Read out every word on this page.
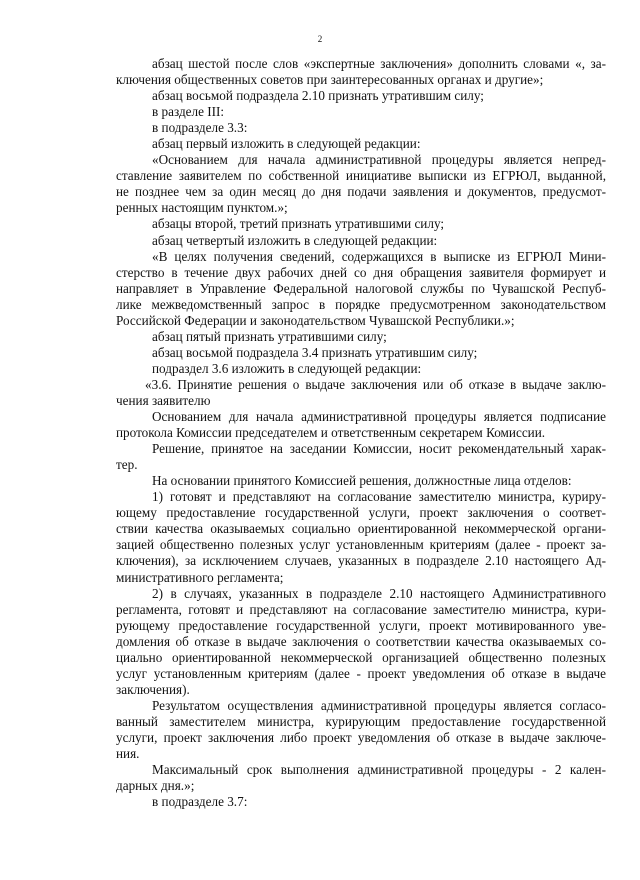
2
абзац шестой после слов «экспертные заключения» дополнить словами «, за-
ключения общественных советов при заинтересованных органах и другие»;
абзац восьмой подраздела 2.10 признать утратившим силу;
в разделе III:
в подразделе 3.3:
абзац первый изложить в следующей редакции:
«Основанием для начала административной процедуры является непред-
ставление заявителем по собственной инициативе выписки из ЕГРЮЛ, выданной,
не позднее чем за один месяц до дня подачи заявления и документов, предусмот-
ренных настоящим пунктом.»;
абзацы второй, третий признать утратившими силу;
абзац четвертый изложить в следующей редакции:
«В целях получения сведений, содержащихся в выписке из ЕГРЮЛ Мини-
стерство в течение двух рабочих дней со дня обращения заявителя формирует и
направляет в Управление Федеральной налоговой службы по Чувашской Респуб-
лике межведомственный запрос в порядке предусмотренном законодательством
Российской Федерации и законодательством Чувашской Республики.»;
абзац пятый признать утратившими силу;
абзац восьмой подраздела 3.4 признать утратившим силу;
подраздел 3.6 изложить в следующей редакции:
«3.6. Принятие решения о выдаче заключения или об отказе в выдаче заклю-
чения заявителю
Основанием для начала административной процедуры является подписание
протокола Комиссии председателем и ответственным секретарем Комиссии.
Решение, принятое на заседании Комиссии, носит рекомендательный харак-
тер.
На основании принятого Комиссией решения, должностные лица отделов:
1) готовят и представляют на согласование заместителю министра, куриру-
ющему предоставление государственной услуги, проект заключения о соответ-
ствии качества оказываемых социально ориентированной некоммерческой органи-
зацией общественно полезных услуг установленным критериям (далее - проект за-
ключения), за исключением случаев, указанных в подразделе 2.10 настоящего Ад-
министративного регламента;
2) в случаях, указанных в подразделе 2.10 настоящего Административного
регламента, готовят и представляют на согласование заместителю министра, кури-
рующему предоставление государственной услуги, проект мотивированного уве-
домления об отказе в выдаче заключения о соответствии качества оказываемых со-
циально ориентированной некоммерческой организацией общественно полезных
услуг установленным критериям (далее - проект уведомления об отказе в выдаче
заключения).
Результатом осуществления административной процедуры является согласо-
ванный заместителем министра, курирующим предоставление государственной
услуги, проект заключения либо проект уведомления об отказе в выдаче заключе-
ния.
Максимальный срок выполнения административной процедуры - 2 кален-
дарных дня.»;
в подразделе 3.7:
